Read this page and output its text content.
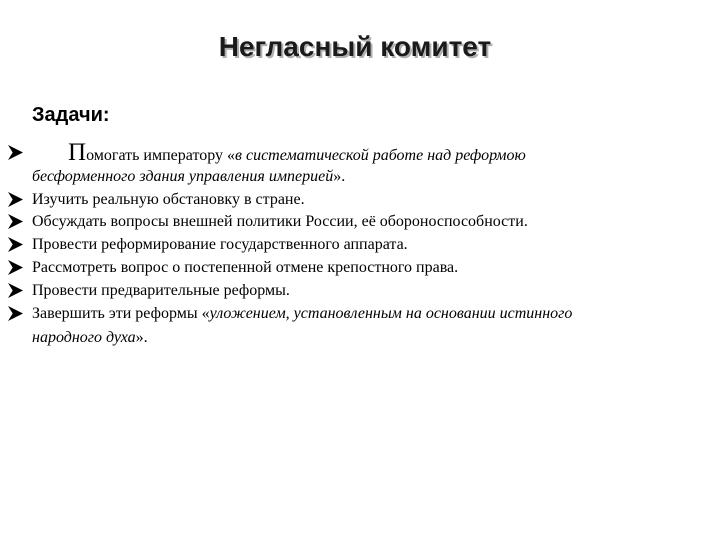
Негласный комитет
Задачи:
Помогать императору «в систематической работе над реформою
бесформенного здания управления империей».
Изучить реальную обстановку в стране.
Обсуждать вопросы внешней политики России, её обороноспособности.
Провести реформирование государственного аппарата.
Рассмотреть вопрос о постепенной отмене крепостного права.
Провести предварительные реформы.
Завершить эти реформы «уложением, установленным на основании истинного
народного духа».
